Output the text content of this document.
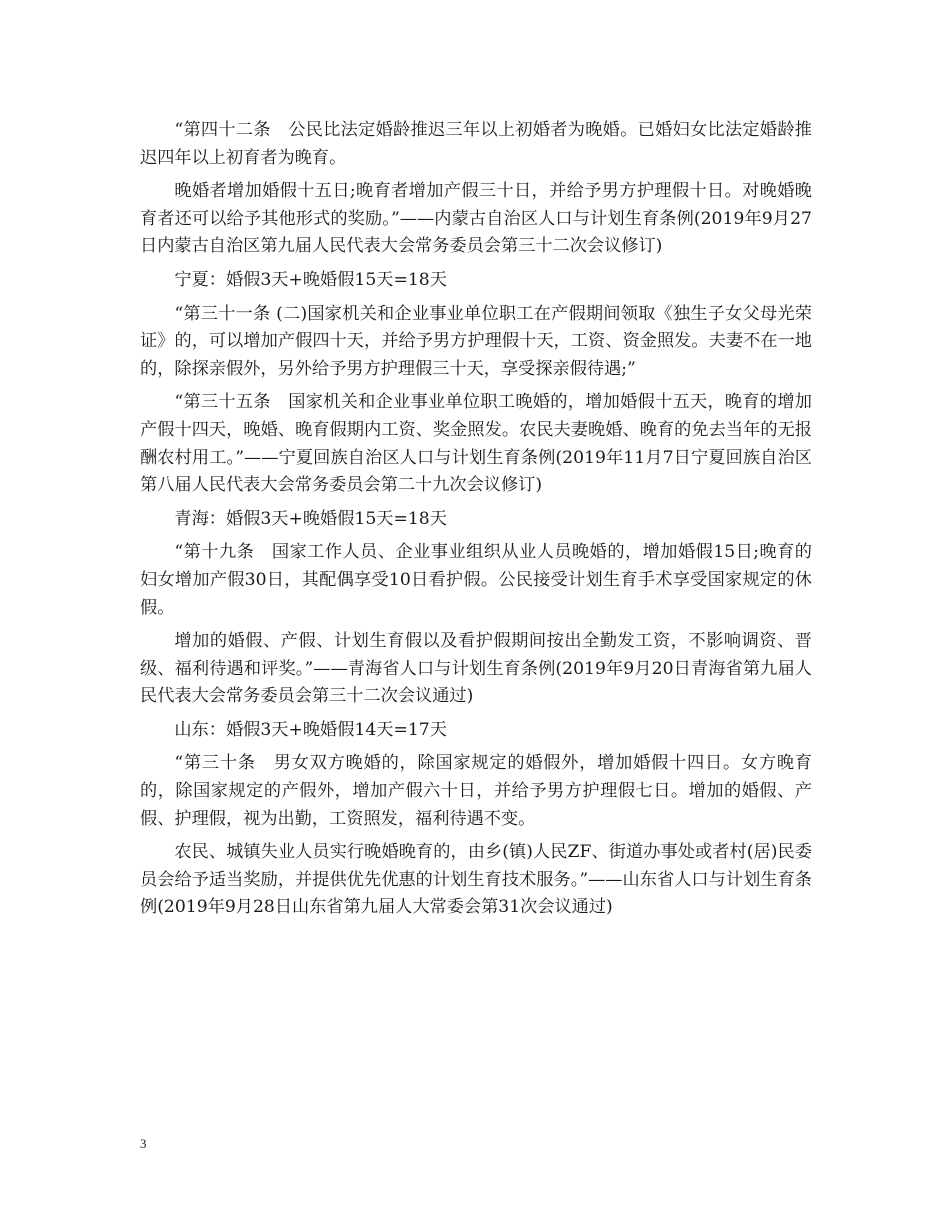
“第四十二条　公民比法定婚龄推迟三年以上初婚者为晚婚。已婚妇女比法定婚龄推迟四年以上初育者为晚育。

晚婚者增加婚假十五日;晚育者增加产假三十日，并给予男方护理假十日。对晚婚晚育者还可以给予其他形式的奖励。”——内蒙古自治区人口与计划生育条例(2019年9月27日内蒙古自治区第九届人民代表大会常务委员会第三十二次会议修订)

宁夏：婚假3天+晚婚假15天=18天

“第三十一条 (二)国家机关和企业事业单位职工在产假期间领取《独生子女父母光荣证》的，可以增加产假四十天，并给予男方护理假十天，工资、资金照发。夫妻不在一地的，除探亲假外，另外给予男方护理假三十天，享受探亲假待遇;”

“第三十五条　国家机关和企业事业单位职工晚婚的，增加婚假十五天，晚育的增加产假十四天，晚婚、晚育假期内工资、奖金照发。农民夫妻晚婚、晚育的免去当年的无报酬农村用工。”——宁夏回族自治区人口与计划生育条例(2019年11月7日宁夏回族自治区第八届人民代表大会常务委员会第二十九次会议修订)

青海：婚假3天+晚婚假15天=18天

“第十九条　国家工作人员、企业事业组织从业人员晚婚的，增加婚假15日;晚育的妇女增加产假30日，其配偶享受10日看护假。公民接受计划生育手术享受国家规定的休假。

增加的婚假、产假、计划生育假以及看护假期间按出全勤发工资，不影响调资、晋级、福利待遇和评奖。”——青海省人口与计划生育条例(2019年9月20日青海省第九届人民代表大会常务委员会第三十二次会议通过)

山东：婚假3天+晚婚假14天=17天

“第三十条　男女双方晚婚的，除国家规定的婚假外，增加婚假十四日。女方晚育的，除国家规定的产假外，增加产假六十日，并给予男方护理假七日。增加的婚假、产假、护理假，视为出勤，工资照发，福利待遇不变。

农民、城镇失业人员实行晚婚晚育的，由乡(镇)人民ZF、街道办事处或者村(居)民委员会给予适当奖励，并提供优先优惠的计划生育技术服务。”——山东省人口与计划生育条例(2019年9月28日山东省第九届人大常委会第31次会议通过)

3
